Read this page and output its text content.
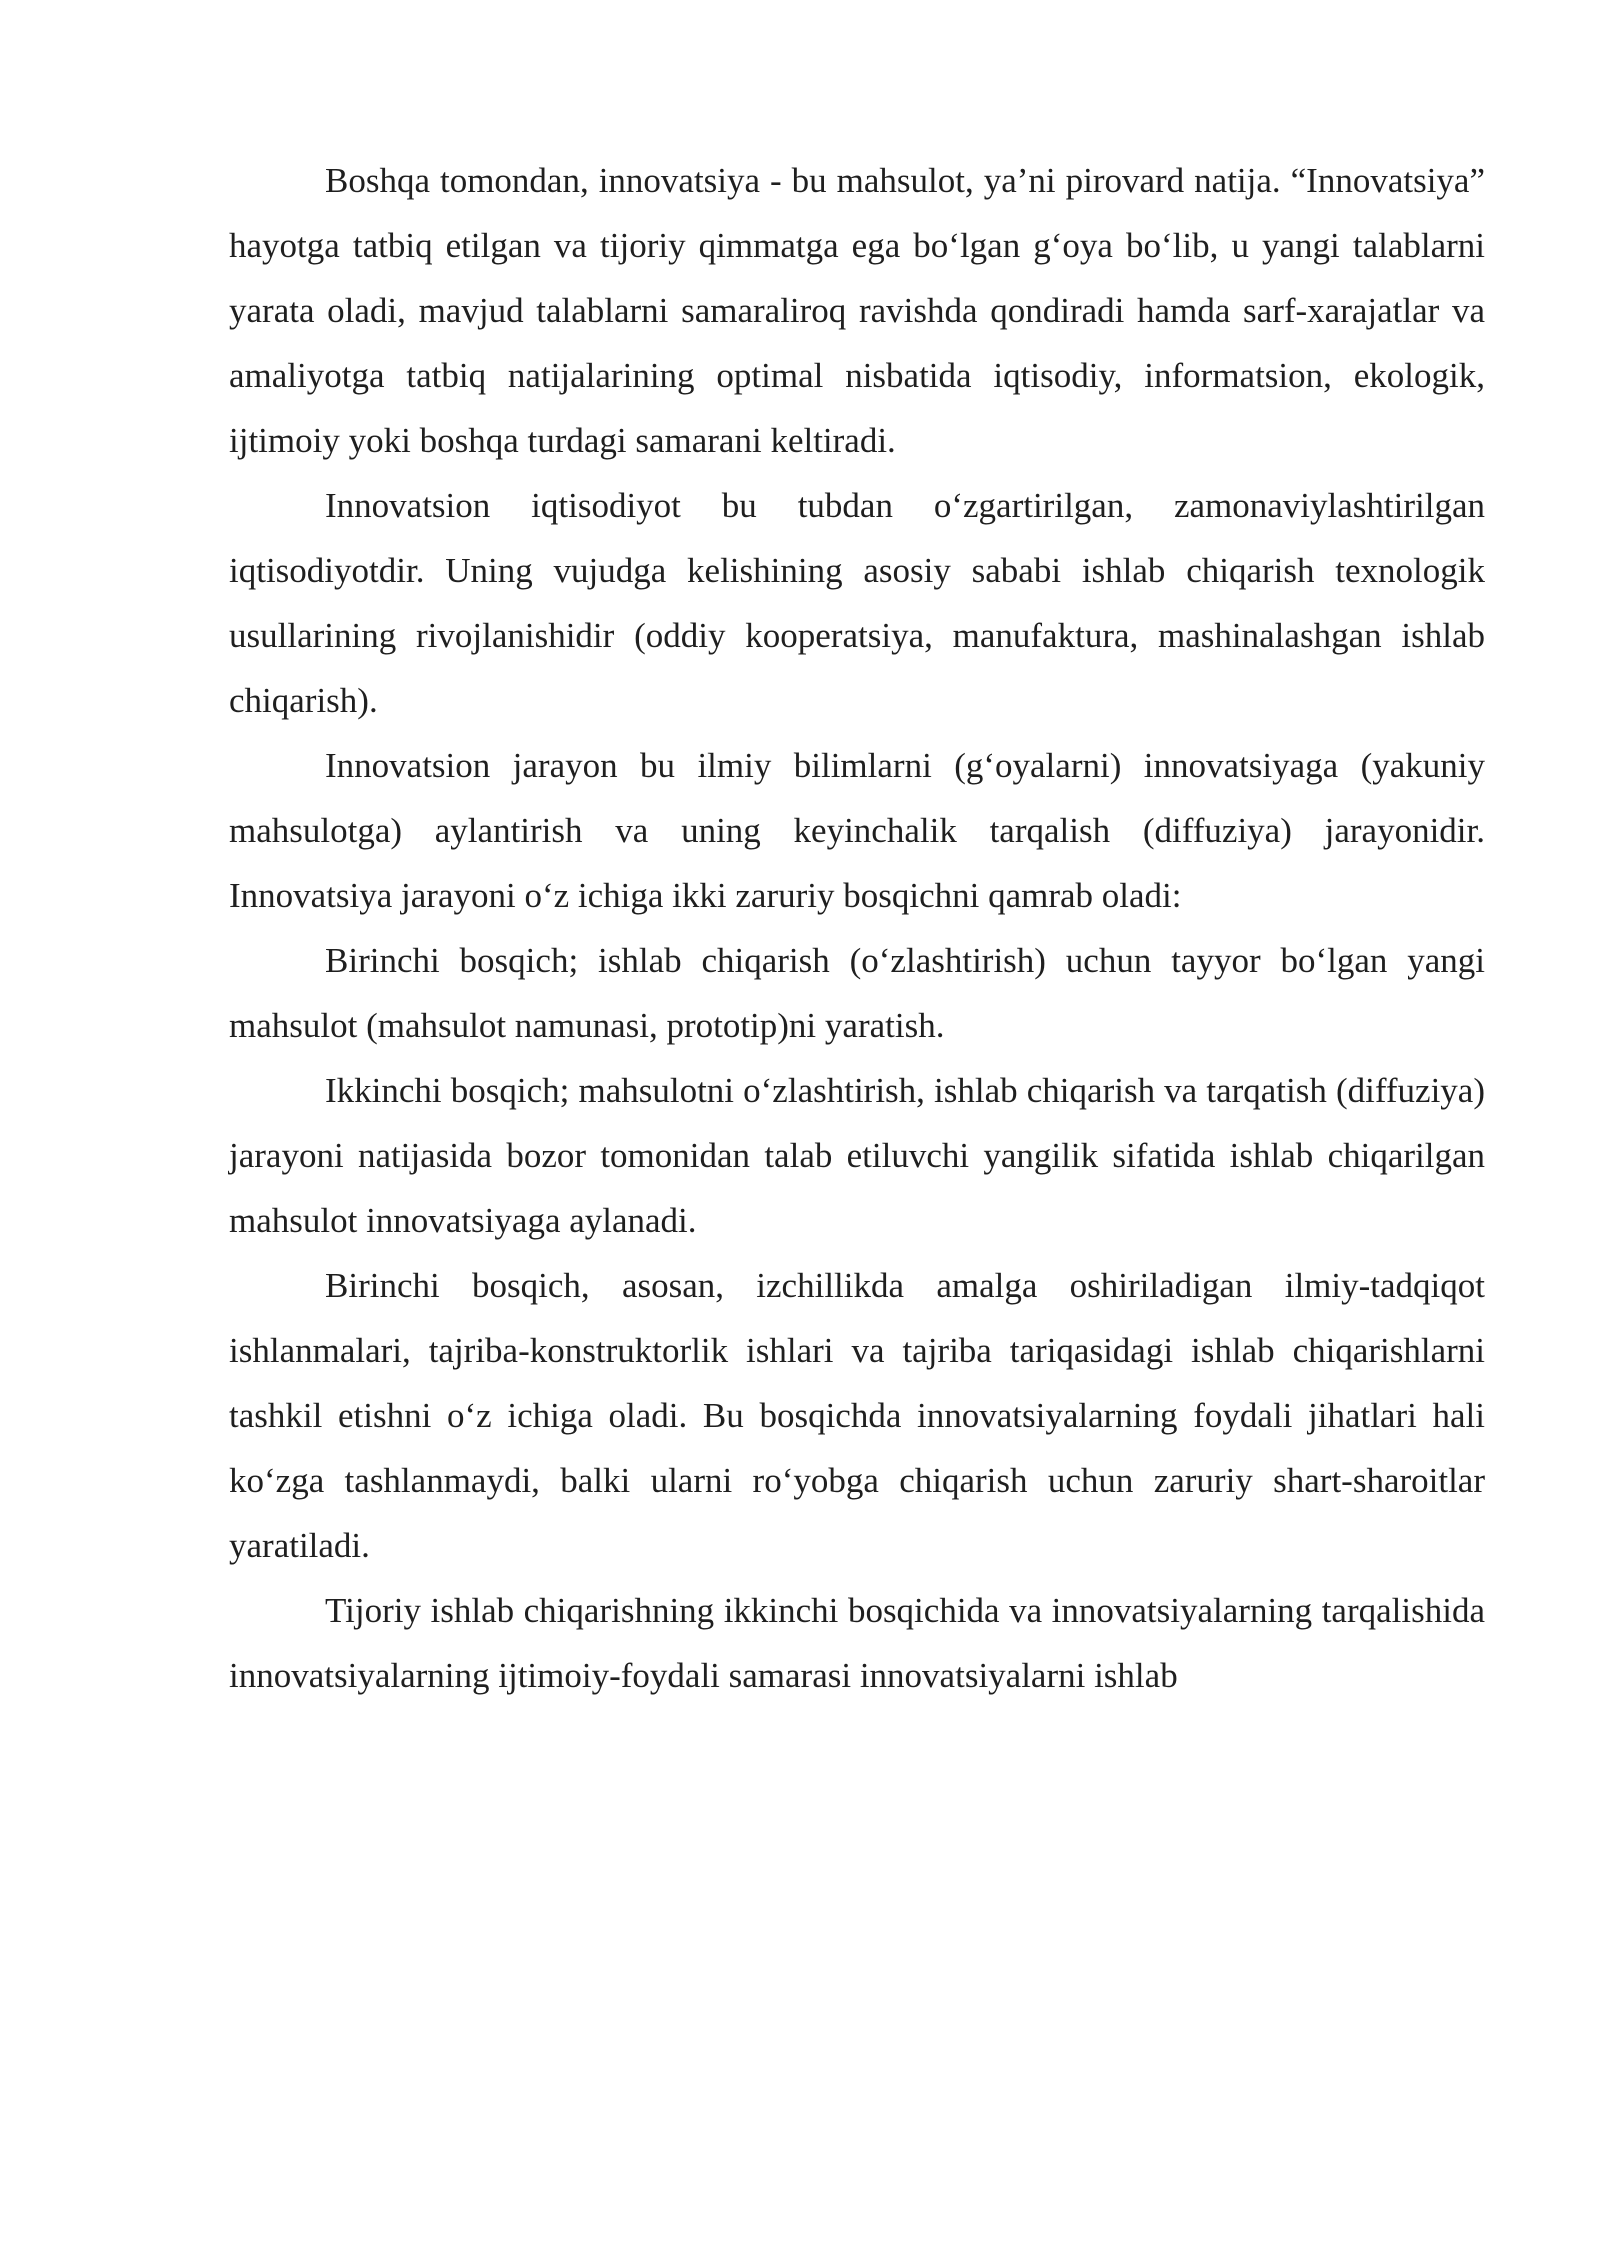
Boshqa tomondan, innovatsiya - bu mahsulot, ya’ni pirovard natija. “Innovatsiya” hayotga tatbiq etilgan va tijoriy qimmatga ega bo‘lgan g‘oya bo‘lib, u yangi talablarni yarata oladi, mavjud talablarni samaraliroq ravishda qondiradi hamda sarf-xarajatlar va amaliyotga tatbiq natijalarining optimal nisbatida iqtisodiy, informatsion, ekologik, ijtimoiy yoki boshqa turdagi samarani keltiradi.

Innovatsion iqtisodiyot bu tubdan o‘zgartirilgan, zamonaviylashtirilgan iqtisodiyotdir. Uning vujudga kelishining asosiy sababi ishlab chiqarish texnologik usullarining rivojlanishidir (oddiy kooperatsiya, manufaktura, mashinalashgan ishlab chiqarish).

Innovatsion jarayon bu ilmiy bilimlarni (g‘oyalarni) innovatsiyaga (yakuniy mahsulotga) aylantirish va uning keyinchalik tarqalish (diffuziya) jarayonidir. Innovatsiya jarayoni o‘z ichiga ikki zaruriy bosqichni qamrab oladi:

Birinchi bosqich; ishlab chiqarish (o‘zlashtirish) uchun tayyor bo‘lgan yangi mahsulot (mahsulot namunasi, prototip)ni yaratish.

Ikkinchi bosqich; mahsulotni o‘zlashtirish, ishlab chiqarish va tarqatish (diffuziya) jarayoni natijasida bozor tomonidan talab etiluvchi yangilik sifatida ishlab chiqarilgan mahsulot innovatsiyaga aylanadi.

Birinchi bosqich, asosan, izchillikda amalga oshiriladigan ilmiy-tadqiqot ishlanmalari, tajriba-konstruktorlik ishlari va tajriba tariqasidagi ishlab chiqarishlarni tashkil etishni o‘z ichiga oladi. Bu bosqichda innovatsiyalarning foydali jihatlari hali ko‘zga tashlanmaydi, balki ularni ro‘yobga chiqarish uchun zaruriy shart-sharoitlar yaratiladi.

Tijoriy ishlab chiqarishning ikkinchi bosqichida va innovatsiyalarning tarqalishida innovatsiyalarning ijtimoiy-foydali samarasi innovatsiyalarni ishlab
